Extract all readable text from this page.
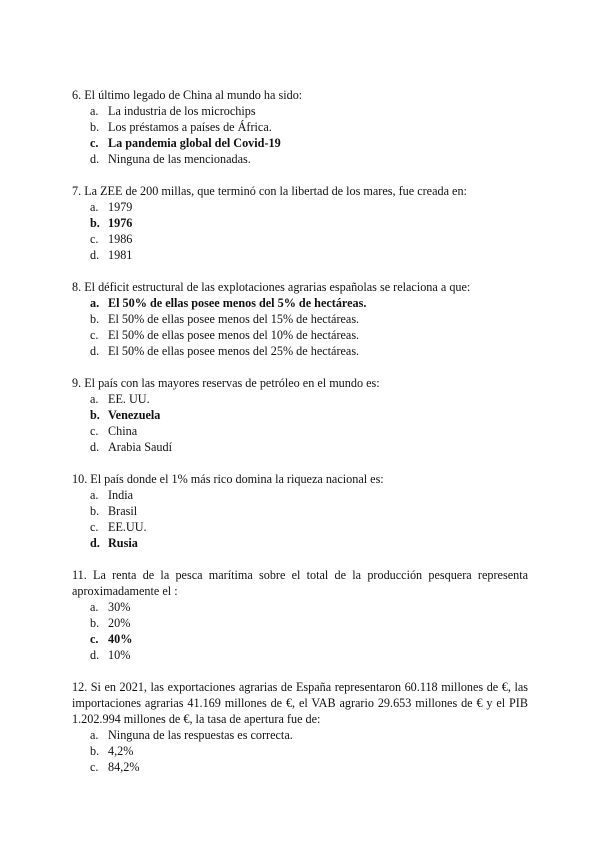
6. El último legado de China al mundo ha sido:
a. La industria de los microchips
b. Los préstamos a países de África.
c. La pandemia global del Covid-19
d. Ninguna de las mencionadas.
7. La ZEE de 200 millas, que terminó con la libertad de los mares, fue creada en:
a. 1979
b. 1976
c. 1986
d. 1981
8. El déficit estructural de las explotaciones agrarias españolas se relaciona a que:
a. El 50% de ellas posee menos del 5% de hectáreas.
b. El 50% de ellas posee menos del 15% de hectáreas.
c. El 50% de ellas posee menos del 10% de hectáreas.
d. El 50% de ellas posee menos del 25% de hectáreas.
9. El país con las mayores reservas de petróleo en el mundo es:
a. EE. UU.
b. Venezuela
c. China
d. Arabia Saudí
10. El país donde el 1% más rico domina la riqueza nacional es:
a. India
b. Brasil
c. EE.UU.
d. Rusia
11. La renta de la pesca marítima sobre el total de la producción pesquera representa aproximadamente el :
a. 30%
b. 20%
c. 40%
d. 10%
12. Si en 2021, las exportaciones agrarias de España representaron 60.118 millones de €, las importaciones agrarias 41.169 millones de €, el VAB agrario 29.653 millones de € y el PIB 1.202.994 millones de €, la tasa de apertura fue de:
a. Ninguna de las respuestas es correcta.
b. 4,2%
c. 84,2%
